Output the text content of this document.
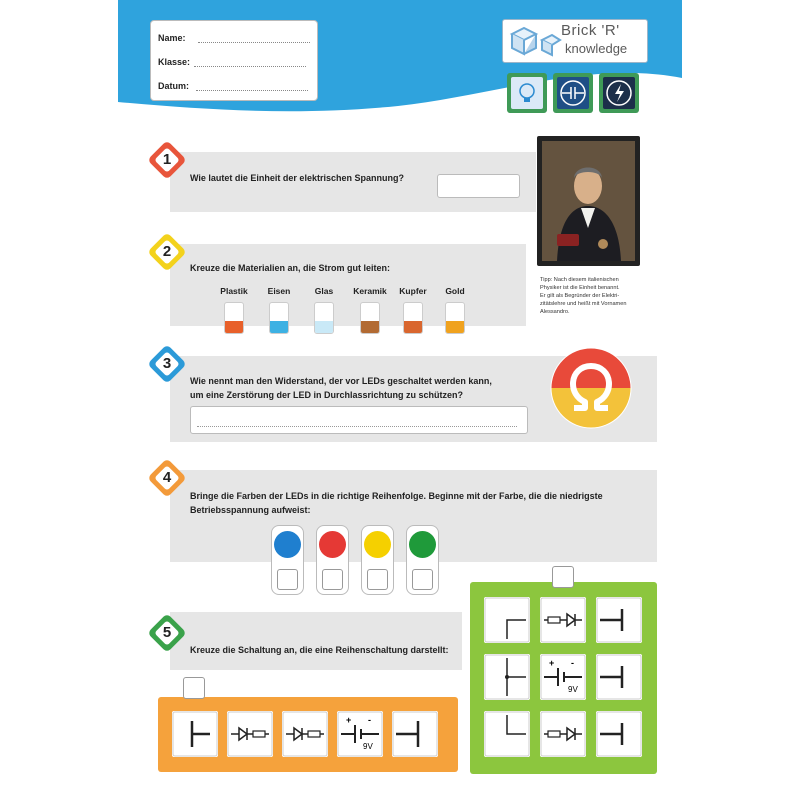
Name:
Klasse:
Datum:
Brick 'R'
knowledge
1
2
3
4
5
Wie lautet die Einheit der elektrischen Spannung?
Tipp: Nach diesem italienischen
Physiker ist die Einheit benannt.
Er gilt als Begründer der Elektri-
zitätslehre und heißt mit Vornamen
Alessandro.
Kreuze die Materialien an, die Strom gut leiten:
Plastik	Eisen	Glas	Keramik	Kupfer	Gold
Wie nennt man den Widerstand, der vor LEDs geschaltet werden kann,
um eine Zerstörung der LED in Durchlassrichtung zu schützen?
Bringe die Farben der LEDs in die richtige Reihenfolge. Beginne mit der Farbe, die die niedrigste
Betriebsspannung aufweist:
Kreuze die Schaltung an, die eine Reihenschaltung darstellt:
+ -
9V
+ -
9V
